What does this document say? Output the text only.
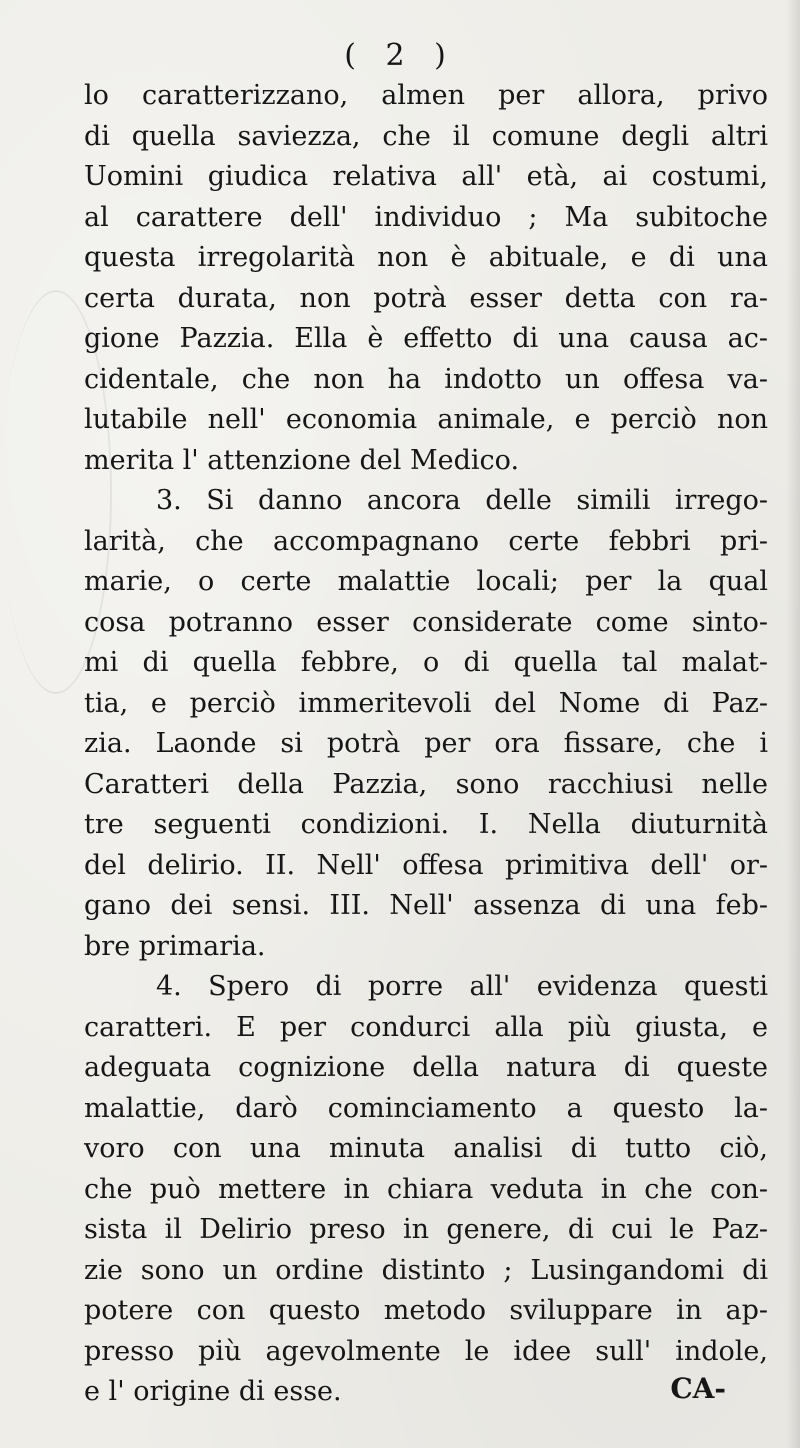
( 2 )
lo caratterizzano, almen per allora, privo
di quella saviezza, che il comune degli altri
Uomini giudica relativa all' età, ai costumi,
al carattere dell' individuo ; Ma subitoche
questa irregolarità non è abituale, e di una
certa durata, non potrà esser detta con ra-
gione Pazzia. Ella è effetto di una causa ac-
cidentale, che non ha indotto un offesa va-
lutabile nell' economia animale, e perciò non
merita l' attenzione del Medico.
3. Si danno ancora delle simili irrego-
larità, che accompagnano certe febbri pri-
marie, o certe malattie locali; per la qual
cosa potranno esser considerate come sinto-
mi di quella febbre, o di quella tal malat-
tia, e perciò immeritevoli del Nome di Paz-
zia. Laonde si potrà per ora fissare, che i
Caratteri della Pazzia, sono racchiusi nelle
tre seguenti condizioni. I. Nella diuturnità
del delirio. II. Nell' offesa primitiva dell' or-
gano dei sensi. III. Nell' assenza di una feb-
bre primaria.
4. Spero di porre all' evidenza questi
caratteri. E per condurci alla più giusta, e
adeguata cognizione della natura di queste
malattie, darò cominciamento a questo la-
voro con una minuta analisi di tutto ciò,
che può mettere in chiara veduta in che con-
sista il Delirio preso in genere, di cui le Paz-
zie sono un ordine distinto ; Lusingandomi di
potere con questo metodo sviluppare in ap-
presso più agevolmente le idee sull' indole,
e l' origine di esse.	CA-
